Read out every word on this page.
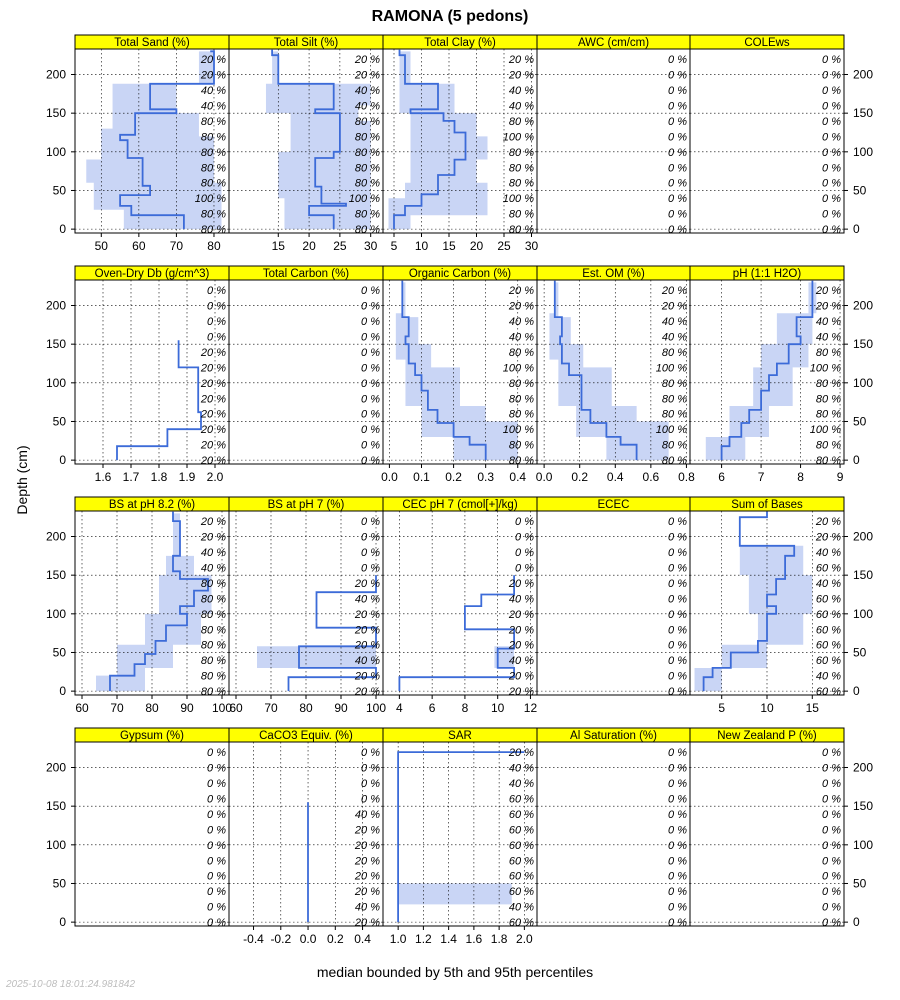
RAMONA (5 pedons)
median bounded by 5th and 95th percentiles
Depth (cm)
Total Sand (%)
80 %
80 %
100 %
80 %
80 %
80 %
80 %
80 %
40 %
40 %
20 %
20 %
50 60 70 80
0
50
100
150
200
Total Silt (%)
80 %
80 %
100 %
80 %
80 %
80 %
80 %
80 %
40 %
40 %
20 %
20 %
15 20 25 30
Total Clay (%)
80 %
80 %
100 %
80 %
80 %
80 %
100 %
80 %
40 %
40 %
20 %
20 %
5 10 15 20 25 30
AWC (cm/cm)
0 %
0 %
0 %
0 %
0 %
0 %
0 %
0 %
0 %
0 %
0 %
0 %
COLEws
0 %
0 %
0 %
0 %
0 %
0 %
0 %
0 %
0 %
0 %
0 %
0 %
0
50
100
150
200
Oven-Dry Db (g/cm^3)
20 %
20 %
20 %
20 %
20 %
20 %
20 %
20 %
0 %
0 %
0 %
0 %
1.6 1.7 1.8 1.9 2.0
0
50
100
150
200
Total Carbon (%)
0 %
0 %
0 %
0 %
0 %
0 %
0 %
0 %
0 %
0 %
0 %
0 %
Organic Carbon (%)
80 %
80 %
100 %
80 %
80 %
80 %
100 %
80 %
40 %
40 %
20 %
20 %
0.0 0.1 0.2 0.3 0.4
Est. OM (%)
80 %
80 %
100 %
80 %
80 %
80 %
100 %
80 %
40 %
40 %
20 %
20 %
0.0 0.2 0.4 0.6 0.8
pH (1:1 H2O)
80 %
80 %
100 %
80 %
80 %
80 %
100 %
80 %
40 %
40 %
20 %
20 %
6	7	8	9
0
50
100
150
200
BS at pH 8.2 (%)
80 %
80 %
80 %
80 %
80 %
80 %
80 %
80 %
40 %
40 %
20 %
20 %
60 70 80 90 100
0
50
100
150
200
BS at pH 7 (%)
20 %
20 %
40 %
20 %
20 %
20 %
40 %
20 %
0 %
0 %
0 %
0 %
60 70 80 90 100
CEC pH 7 (cmol[+]/kg)
20 %
20 %
40 %
20 %
20 %
20 %
40 %
20 %
0 %
0 %
0 %
0 %
4 6 8 10 12
ECEC
0 %
0 %
0 %
0 %
0 %
0 %
0 %
0 %
0 %
0 %
0 %
0 %
Sum of Bases
60 %
40 %
60 %
60 %
60 %
60 %
60 %
40 %
60 %
40 %
20 %
20 %
5	10	15
0
50
100
150
200
Gypsum (%)
0 %
0 %
0 %
0 %
0 %
0 %
0 %
0 %
0 %
0 %
0 %
0 %
0
50
100
150
200
CaCO3 Equiv. (%)
20 %
40 %
20 %
20 %
20 %
20 %
20 %
40 %
0 %
0 %
0 %
0 %
-0.4 -0.2 0.0 0.2 0.4
SAR
60 %
40 %
60 %
60 %
60 %
60 %
60 %
60 %
60 %
40 %
40 %
20 %
1.0 1.2 1.4 1.6 1.8 2.0
Al Saturation (%)
0 %
0 %
0 %
0 %
0 %
0 %
0 %
0 %
0 %
0 %
0 %
0 %
New Zealand P (%)
0 %
0 %
0 %
0 %
0 %
0 %
0 %
0 %
0 %
0 %
0 %
0 %
0
50
100
150
200
2025-10-08 18:01:24.981842
